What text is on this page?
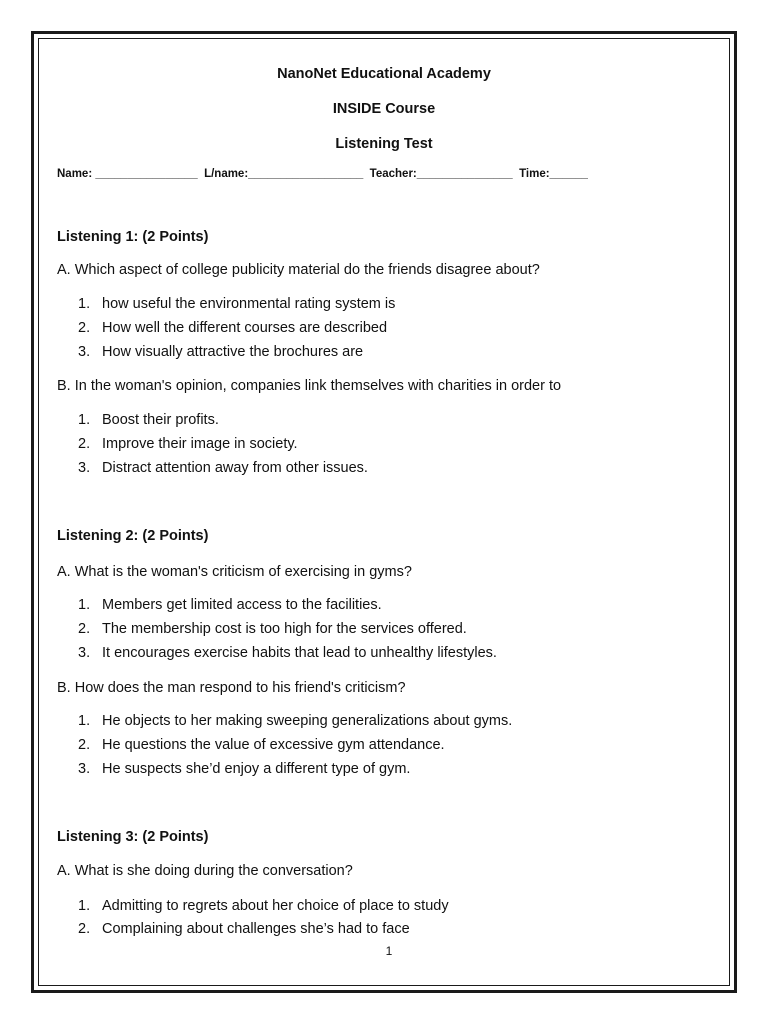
NanoNet Educational Academy
INSIDE Course
Listening Test
Name: ________________  L/name:__________________  Teacher:_______________  Time:______
Listening 1: (2 Points)
A. Which aspect of college publicity material do the friends disagree about?
1. how useful the environmental rating system is
2. How well the different courses are described
3. How visually attractive the brochures are
B. In the woman's opinion, companies link themselves with charities in order to
1. Boost their profits.
2. Improve their image in society.
3. Distract attention away from other issues.
Listening 2: (2 Points)
A. What is the woman's criticism of exercising in gyms?
1. Members get limited access to the facilities.
2. The membership cost is too high for the services offered.
3. It encourages exercise habits that lead to unhealthy lifestyles.
B. How does the man respond to his friend's criticism?
1. He objects to her making sweeping generalizations about gyms.
2. He questions the value of excessive gym attendance.
3. He suspects she’d enjoy a different type of gym.
Listening 3: (2 Points)
A. What is she doing during the conversation?
1. Admitting to regrets about her choice of place to study
2. Complaining about challenges she’s had to face
1
